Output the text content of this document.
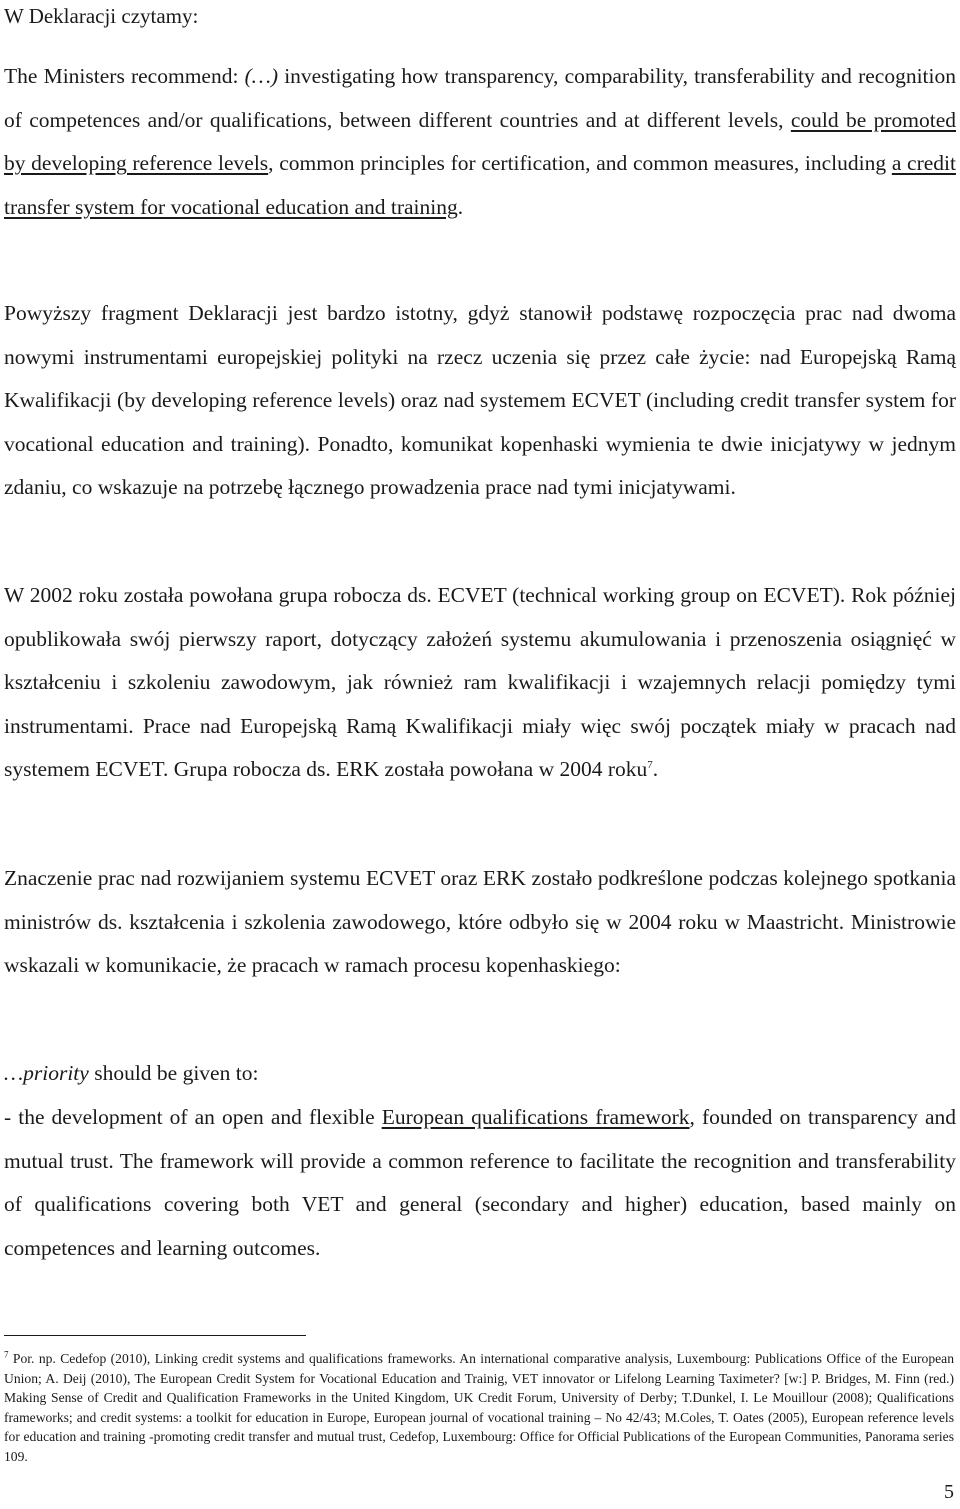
W Deklaracji czytamy:

The Ministers recommend: (…) investigating how transparency, comparability, transferability and recognition of competences and/or qualifications, between different countries and at different levels, could be promoted by developing reference levels, common principles for certification, and common measures, including a credit transfer system for vocational education and training.

Powyższy fragment Deklaracji jest bardzo istotny, gdyż stanowił podstawę rozpoczęcia prac nad dwoma nowymi instrumentami europejskiej polityki na rzecz uczenia się przez całe życie: nad Europejską Ramą Kwalifikacji (by developing reference levels) oraz nad systemem ECVET (including credit transfer system for vocational education and training). Ponadto, komunikat kopenhaski wymienia te dwie inicjatywy w jednym zdaniu, co wskazuje na potrzebę łącznego prowadzenia prace nad tymi inicjatywami.

W 2002 roku została powołana grupa robocza ds. ECVET (technical working group on ECVET). Rok później opublikowała swój pierwszy raport, dotyczący założeń systemu akumulowania i przenoszenia osiągnięć w kształceniu i szkoleniu zawodowym, jak również ram kwalifikacji i wzajemnych relacji pomiędzy tymi instrumentami. Prace nad Europejską Ramą Kwalifikacji miały więc swój początek miały w pracach nad systemem ECVET. Grupa robocza ds. ERK została powołana w 2004 roku$^7$.

Znaczenie prac nad rozwijaniem systemu ECVET oraz ERK zostało podkreślone podczas kolejnego spotkania ministrów ds. kształcenia i szkolenia zawodowego, które odbyło się w 2004 roku w Maastricht. Ministrowie wskazali w komunikacie, że pracach w ramach procesu kopenhaskiego:

…priority should be given to:

- the development of an open and flexible European qualifications framework, founded on transparency and mutual trust. The framework will provide a common reference to facilitate the recognition and transferability of qualifications covering both VET and general (secondary and higher) education, based mainly on competences and learning outcomes.

$^7$ Por. np. Cedefop (2010), Linking credit systems and qualifications frameworks. An international comparative analysis, Luxembourg: Publications Office of the European Union; A. Deij (2010), The European Credit System for Vocational Education and Trainig, VET innovator or Lifelong Learning Taximeter? [w:] P. Bridges, M. Finn (red.) Making Sense of Credit and Qualification Frameworks in the United Kingdom, UK Credit Forum, University of Derby; T.Dunkel, I. Le Mouillour (2008); Qualifications frameworks; and credit systems: a toolkit for education in Europe, European journal of vocational training – No 42/43; M.Coles, T. Oates (2005), European reference levels for education and training -promoting credit transfer and mutual trust, Cedefop, Luxembourg: Office for Official Publications of the European Communities, Panorama series 109.

5
